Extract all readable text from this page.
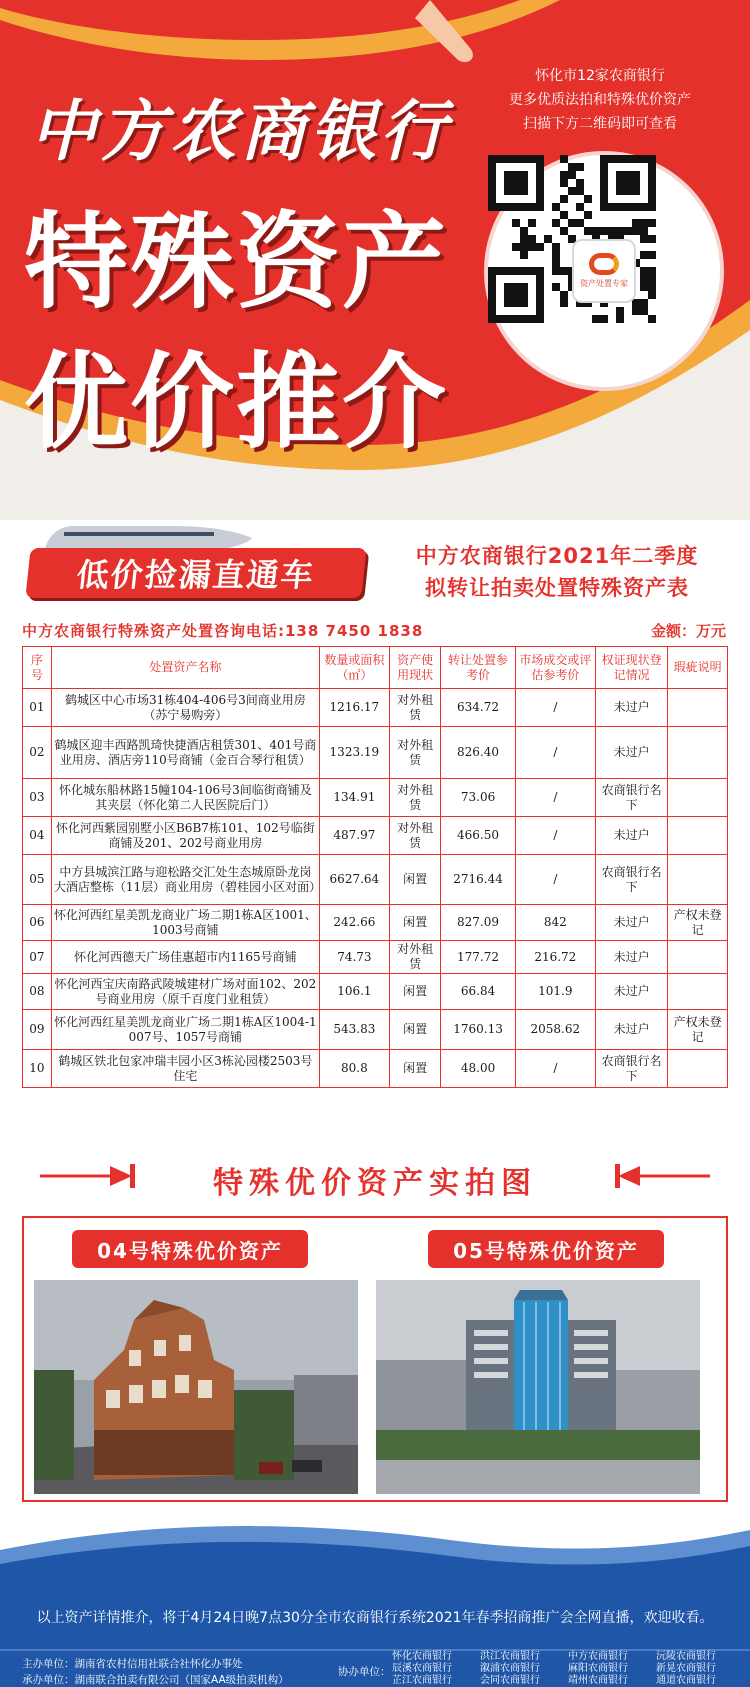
中方农商银行
特殊资产
优价推介
怀化市12家农商银行
更多优质法拍和特殊优价资产
扫描下方二维码即可查看
资产处置专家
低价捡漏直通车	中方农商银行2021年二季度
拟转让拍卖处置特殊资产表
中方农商银行特殊资产处置咨询电话:138 7450 1838	金额：万元
序号	处置资产名称	数量或面积（㎡）	资产使用现状	转让处置参考价	市场成交或评估参考价	权证现状登记情况	瑕疵说明
01	鹤城区中心市场31栋404-406号3间商业用房（苏宁易购旁）	1216.17	对外租赁	634.72	/	未过户	
02	鹤城区迎丰西路凯琦快捷酒店租赁301、401号商业用房、酒店旁110号商铺（金百合琴行租赁）	1323.19	对外租赁	826.40	/	未过户	
03	怀化城东船林路15幢104-106号3间临街商铺及其夹层（怀化第二人民医院后门）	134.91	对外租赁	73.06	/	农商银行名下	
04	怀化河西紫园别墅小区B6B7栋101、102号临街商铺及201、202号商业用房	487.97	对外租赁	466.50	/	未过户	
05	中方县城滨江路与迎松路交汇处生态城原卧龙岗大酒店整栋（11层）商业用房（碧桂园小区对面）	6627.64	闲置	2716.44	/	农商银行名下	
06	怀化河西红星美凯龙商业广场二期1栋A区1001、1003号商铺	242.66	闲置	827.09	842	未过户	产权未登记
07	怀化河西德天广场佳惠超市内1165号商铺	74.73	对外租赁	177.72	216.72	未过户	
08	怀化河西宝庆南路武陵城建材广场对面102、202号商业用房（原千百度门业租赁）	106.1	闲置	66.84	101.9	未过户	
09	怀化河西红星美凯龙商业广场二期1栋A区1004-1007号、1057号商铺	543.83	闲置	1760.13	2058.62	未过户	产权未登记
10	鹤城区铁北包家冲瑞丰园小区3栋沁园楼2503号住宅	80.8	闲置	48.00	/	农商银行名下	
特殊优价资产实拍图
04号特殊优价资产	05号特殊优价资产
以上资产详情推介，将于4月24日晚7点30分全市农商银行系统2021年春季招商推广会全网直播，欢迎收看。
主办单位：湖南省农村信用社联合社怀化办事处
承办单位：湖南联合拍卖有限公司（国家AA级拍卖机构）
协办单位：
怀化农商银行	洪江农商银行	中方农商银行	沅陵农商银行
辰溪农商银行	溆浦农商银行	麻阳农商银行	新晃农商银行
芷江农商银行	会同农商银行	靖州农商银行	通道农商银行
